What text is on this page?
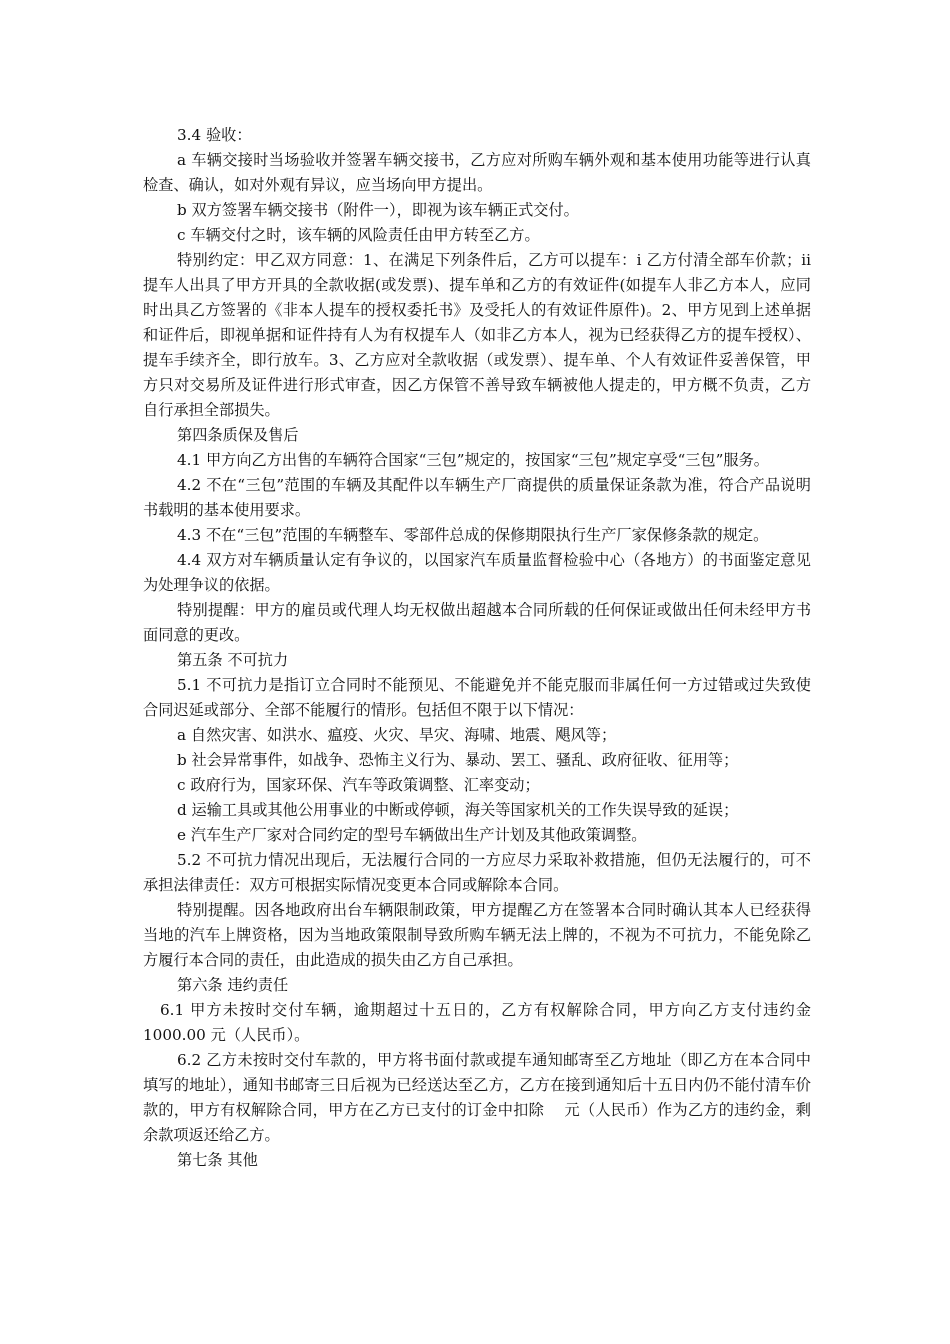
3.4 验收：

a 车辆交接时当场验收并签署车辆交接书，乙方应对所购车辆外观和基本使用功能等进行认真检查、确认，如对外观有异议，应当场向甲方提出。

b 双方签署车辆交接书（附件一），即视为该车辆正式交付。

c 车辆交付之时，该车辆的风险责任由甲方转至乙方。

特别约定：甲乙双方同意：1、在满足下列条件后，乙方可以提车：i 乙方付清全部车价款；ii 提车人出具了甲方开具的全款收据(或发票)、提车单和乙方的有效证件(如提车人非乙方本人，应同时出具乙方签署的《非本人提车的授权委托书》及受托人的有效证件原件)。2、甲方见到上述单据和证件后，即视单据和证件持有人为有权提车人（如非乙方本人，视为已经获得乙方的提车授权）、提车手续齐全，即行放车。3、乙方应对全款收据（或发票）、提车单、个人有效证件妥善保管，甲方只对交易所及证件进行形式审查，因乙方保管不善导致车辆被他人提走的，甲方概不负责，乙方自行承担全部损失。

第四条质保及售后

4.1 甲方向乙方出售的车辆符合国家“三包”规定的，按国家“三包”规定享受“三包”服务。

4.2 不在“三包”范围的车辆及其配件以车辆生产厂商提供的质量保证条款为准，符合产品说明书载明的基本使用要求。

4.3 不在“三包”范围的车辆整车、零部件总成的保修期限执行生产厂家保修条款的规定。

4.4 双方对车辆质量认定有争议的，以国家汽车质量监督检验中心（各地方）的书面鉴定意见为处理争议的依据。

特别提醒：甲方的雇员或代理人均无权做出超越本合同所载的任何保证或做出任何未经甲方书面同意的更改。

第五条 不可抗力

5.1 不可抗力是指订立合同时不能预见、不能避免并不能克服而非属任何一方过错或过失致使合同迟延或部分、全部不能履行的情形。包括但不限于以下情况：

a 自然灾害、如洪水、瘟疫、火灾、旱灾、海啸、地震、飓风等；

b 社会异常事件，如战争、恐怖主义行为、暴动、罢工、骚乱、政府征收、征用等；

c 政府行为，国家环保、汽车等政策调整、汇率变动；

d 运输工具或其他公用事业的中断或停顿，海关等国家机关的工作失误导致的延误；

e 汽车生产厂家对合同约定的型号车辆做出生产计划及其他政策调整。

5.2 不可抗力情况出现后，无法履行合同的一方应尽力采取补救措施，但仍无法履行的，可不承担法律责任：双方可根据实际情况变更本合同或解除本合同。

特别提醒。因各地政府出台车辆限制政策，甲方提醒乙方在签署本合同时确认其本人已经获得当地的汽车上牌资格，因为当地政策限制导致所购车辆无法上牌的，不视为不可抗力，不能免除乙方履行本合同的责任，由此造成的损失由乙方自己承担。

第六条 违约责任

6.1 甲方未按时交付车辆，逾期超过十五日的，乙方有权解除合同，甲方向乙方支付违约金 1000.00 元（人民币）。

6.2 乙方未按时交付车款的，甲方将书面付款或提车通知邮寄至乙方地址（即乙方在本合同中填写的地址），通知书邮寄三日后视为已经送达至乙方，乙方在接到通知后十五日内仍不能付清车价款的，甲方有权解除合同，甲方在乙方已支付的订金中扣除　 元（人民币）作为乙方的违约金，剩余款项返还给乙方。

第七条 其他
